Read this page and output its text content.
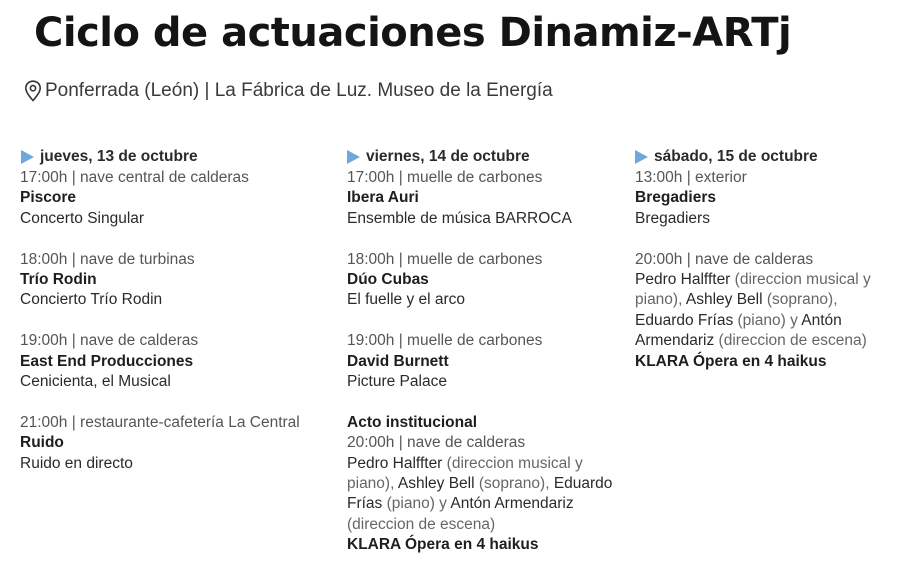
Ciclo de actuaciones Dinamiz-ARTj
Ponferrada (León) | La Fábrica de Luz. Museo de la Energía
jueves, 13 de octubre
17:00h | nave central de calderas
Piscore
Concerto Singular
18:00h | nave de turbinas
Trío Rodin
Concierto Trío Rodin
19:00h | nave de calderas
East End Producciones
Cenicienta, el Musical
21:00h | restaurante-cafetería La Central
Ruido
Ruido en directo
viernes, 14 de octubre
17:00h | muelle de carbones
Ibera Auri
Ensemble de música BARROCA
18:00h | muelle de carbones
Dúo Cubas
El fuelle y el arco
19:00h | muelle de carbones
David Burnett
Picture Palace
Acto institucional
20:00h | nave de calderas
Pedro Halffter (direccion musical y piano), Ashley Bell (soprano), Eduardo Frías (piano) y Antón Armendariz (direccion de escena)
KLARA Ópera en 4 haikus
sábado, 15 de octubre
13:00h | exterior
Bregadiers
Bregadiers
20:00h | nave de calderas
Pedro Halffter (direccion musical y piano), Ashley Bell (soprano), Eduardo Frías (piano) y Antón Armendariz (direccion de escena)
KLARA Ópera en 4 haikus
